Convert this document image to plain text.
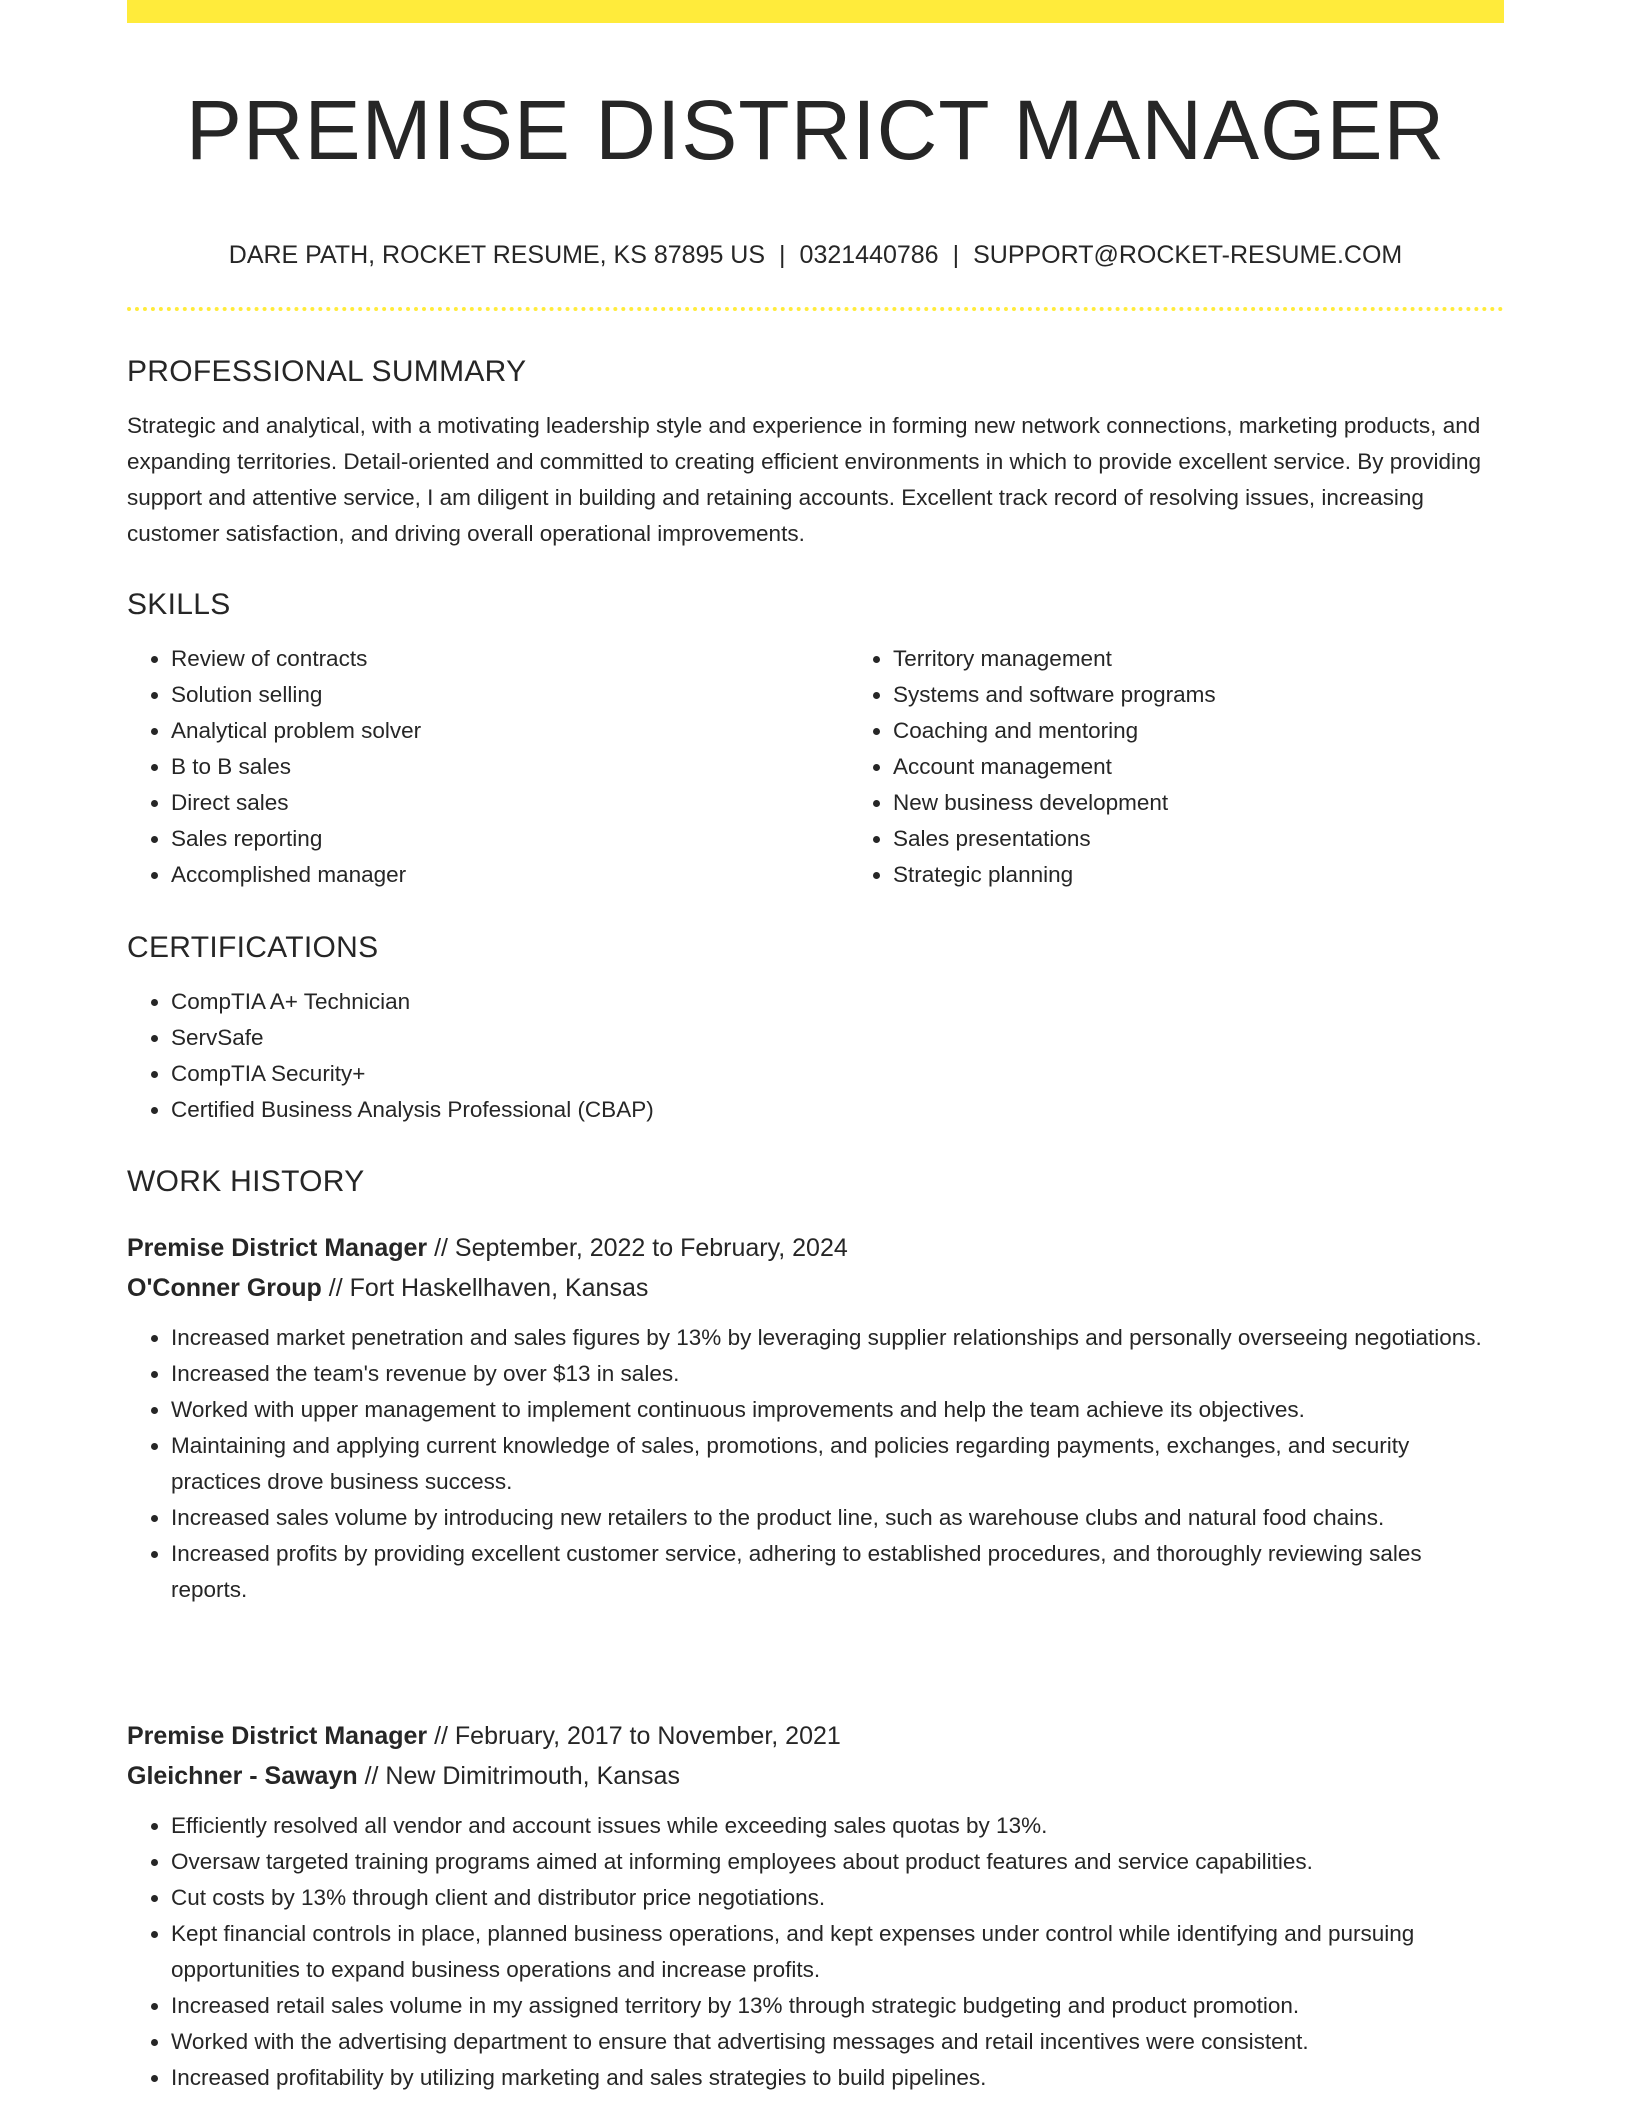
PREMISE DISTRICT MANAGER
DARE PATH, ROCKET RESUME, KS 87895 US | 0321440786 | SUPPORT@ROCKET-RESUME.COM
PROFESSIONAL SUMMARY

Strategic and analytical, with a motivating leadership style and experience in forming new network connections, marketing products, and expanding territories. Detail-oriented and committed to creating efficient environments in which to provide excellent service. By providing support and attentive service, I am diligent in building and retaining accounts. Excellent track record of resolving issues, increasing customer satisfaction, and driving overall operational improvements.

SKILLS
• Review of contracts
• Solution selling
• Analytical problem solver
• B to B sales
• Direct sales
• Sales reporting
• Accomplished manager
• Territory management
• Systems and software programs
• Coaching and mentoring
• Account management
• New business development
• Sales presentations
• Strategic planning
CERTIFICATIONS
• CompTIA A+ Technician
• ServSafe
• CompTIA Security+
• Certified Business Analysis Professional (CBAP)
WORK HISTORY
Premise District Manager // September, 2022 to February, 2024
O'Conner Group // Fort Haskellhaven, Kansas
• Increased market penetration and sales figures by 13% by leveraging supplier relationships and personally overseeing negotiations.
• Increased the team's revenue by over $13 in sales.
• Worked with upper management to implement continuous improvements and help the team achieve its objectives.
• Maintaining and applying current knowledge of sales, promotions, and policies regarding payments, exchanges, and security practices drove business success.
• Increased sales volume by introducing new retailers to the product line, such as warehouse clubs and natural food chains.
• Increased profits by providing excellent customer service, adhering to established procedures, and thoroughly reviewing sales reports.
Premise District Manager // February, 2017 to November, 2021
Gleichner - Sawayn // New Dimitrimouth, Kansas
• Efficiently resolved all vendor and account issues while exceeding sales quotas by 13%.
• Oversaw targeted training programs aimed at informing employees about product features and service capabilities.
• Cut costs by 13% through client and distributor price negotiations.
• Kept financial controls in place, planned business operations, and kept expenses under control while identifying and pursuing opportunities to expand business operations and increase profits.
• Increased retail sales volume in my assigned territory by 13% through strategic budgeting and product promotion.
• Worked with the advertising department to ensure that advertising messages and retail incentives were consistent.
• Increased profitability by utilizing marketing and sales strategies to build pipelines.
